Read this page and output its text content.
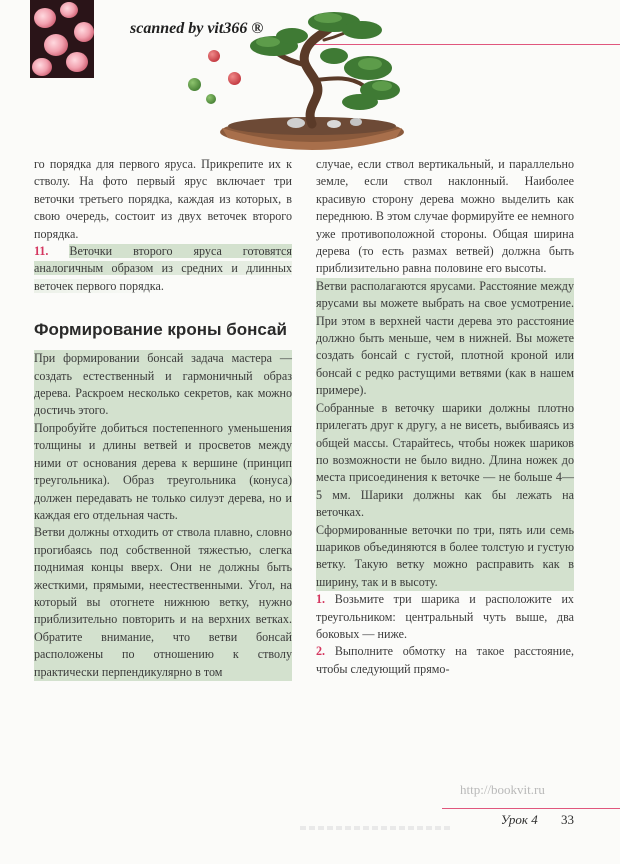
scanned by vit366 ®

го порядка для первого яруса. Прикрепите их к стволу. На фото первый ярус включает три веточки третьего порядка, каждая из которых, в свою очередь, состоит из двух веточек второго порядка.

11. Веточки второго яруса готовятся аналогичным образом из средних и длинных веточек первого порядка.

Формирование кроны бонсай

При формировании бонсай задача мастера — создать естественный и гармоничный образ дерева. Раскроем несколько секретов, как можно достичь этого.

Попробуйте добиться постепенного уменьшения толщины и длины ветвей и просветов между ними от основания дерева к вершине (принцип треугольника). Образ треугольника (конуса) должен передавать не только силуэт дерева, но и каждая его отдельная часть.

Ветви должны отходить от ствола плавно, словно прогибаясь под собственной тяжестью, слегка поднимая концы вверх. Они не должны быть жесткими, прямыми, неестественными. Угол, на который вы отогнете нижнюю ветку, нужно приблизительно повторить и на верхних ветках. Обратите внимание, что ветви бонсай расположены по отношению к стволу практически перпендикулярно в том

случае, если ствол вертикальный, и параллельно земле, если ствол наклонный. Наиболее красивую сторону дерева можно выделить как переднюю. В этом случае формируйте ее немного уже противоположной стороны. Общая ширина дерева (то есть размах ветвей) должна быть приблизительно равна половине его высоты.

Ветви располагаются ярусами. Расстояние между ярусами вы можете выбрать на свое усмотрение. При этом в верхней части дерева это расстояние должно быть меньше, чем в нижней. Вы можете создать бонсай с густой, плотной кроной или бонсай с редко растущими ветвями (как в нашем примере).

Собранные в веточку шарики должны плотно прилегать друг к другу, а не висеть, выбиваясь из общей массы. Старайтесь, чтобы ножек шариков по возможности не было видно. Длина ножек до места присоединения к веточке — не больше 4—5 мм. Шарики должны как бы лежать на веточках.

Сформированные веточки по три, пять или семь шариков объединяются в более толстую и густую ветку. Такую ветку можно расправить как в ширину, так и в высоту.

1. Возьмите три шарика и расположите их треугольником: центральный чуть выше, два боковых — ниже.

2. Выполните обмотку на такое расстояние, чтобы следующий прямо-

http://bookvit.ru
Урок 4 33
